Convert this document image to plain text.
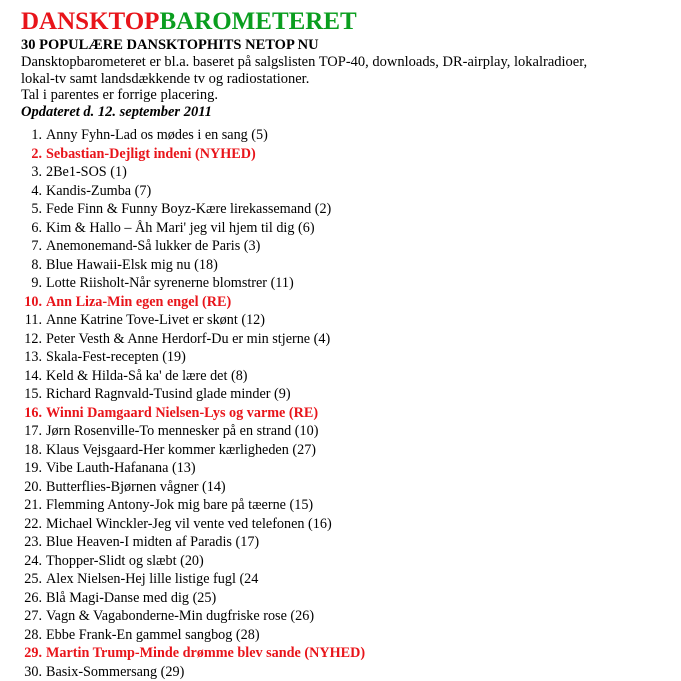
DANSKTOPBAROMETERET
30 POPULÆRE DANSKTOPHITS NETOP NU
Dansktopbarometeret er bl.a. baseret på salgslisten TOP-40, downloads, DR-airplay, lokalradioer,
lokal-tv samt landsdækkende tv og radiostationer.
Tal i parentes er forrige placering.
Opdateret d. 12. september 2011
1. Anny Fyhn-Lad os mødes i en sang (5)
2. Sebastian-Dejligt indeni (NYHED)
3. 2Be1-SOS (1)
4. Kandis-Zumba (7)
5. Fede Finn & Funny Boyz-Kære lirekassemand (2)
6. Kim & Hallo – Åh Mari' jeg vil hjem til dig (6)
7. Anemonemand-Så lukker de Paris (3)
8. Blue Hawaii-Elsk mig nu (18)
9. Lotte Riisholt-Når syrenerne blomstrer (11)
10. Ann Liza-Min egen engel (RE)
11. Anne Katrine Tove-Livet er skønt (12)
12. Peter Vesth & Anne Herdorf-Du er min stjerne (4)
13. Skala-Fest-recepten (19)
14. Keld & Hilda-Så ka' de lære det (8)
15. Richard Ragnvald-Tusind glade minder (9)
16. Winni Damgaard Nielsen-Lys og varme (RE)
17. Jørn Rosenville-To mennesker på en strand (10)
18. Klaus Vejsgaard-Her kommer kærligheden (27)
19. Vibe Lauth-Hafanana (13)
20. Butterflies-Bjørnen vågner (14)
21. Flemming Antony-Jok mig bare på tæerne (15)
22. Michael Winckler-Jeg vil vente ved telefonen (16)
23. Blue Heaven-I midten af Paradis (17)
24. Thopper-Slidt og slæbt (20)
25. Alex Nielsen-Hej lille listige fugl (24
26. Blå Magi-Danse med dig (25)
27. Vagn & Vagabonderne-Min dugfriske rose (26)
28. Ebbe Frank-En gammel sangbog (28)
29. Martin Trump-Minde drømme blev sande (NYHED)
30. Basix-Sommersang (29)
